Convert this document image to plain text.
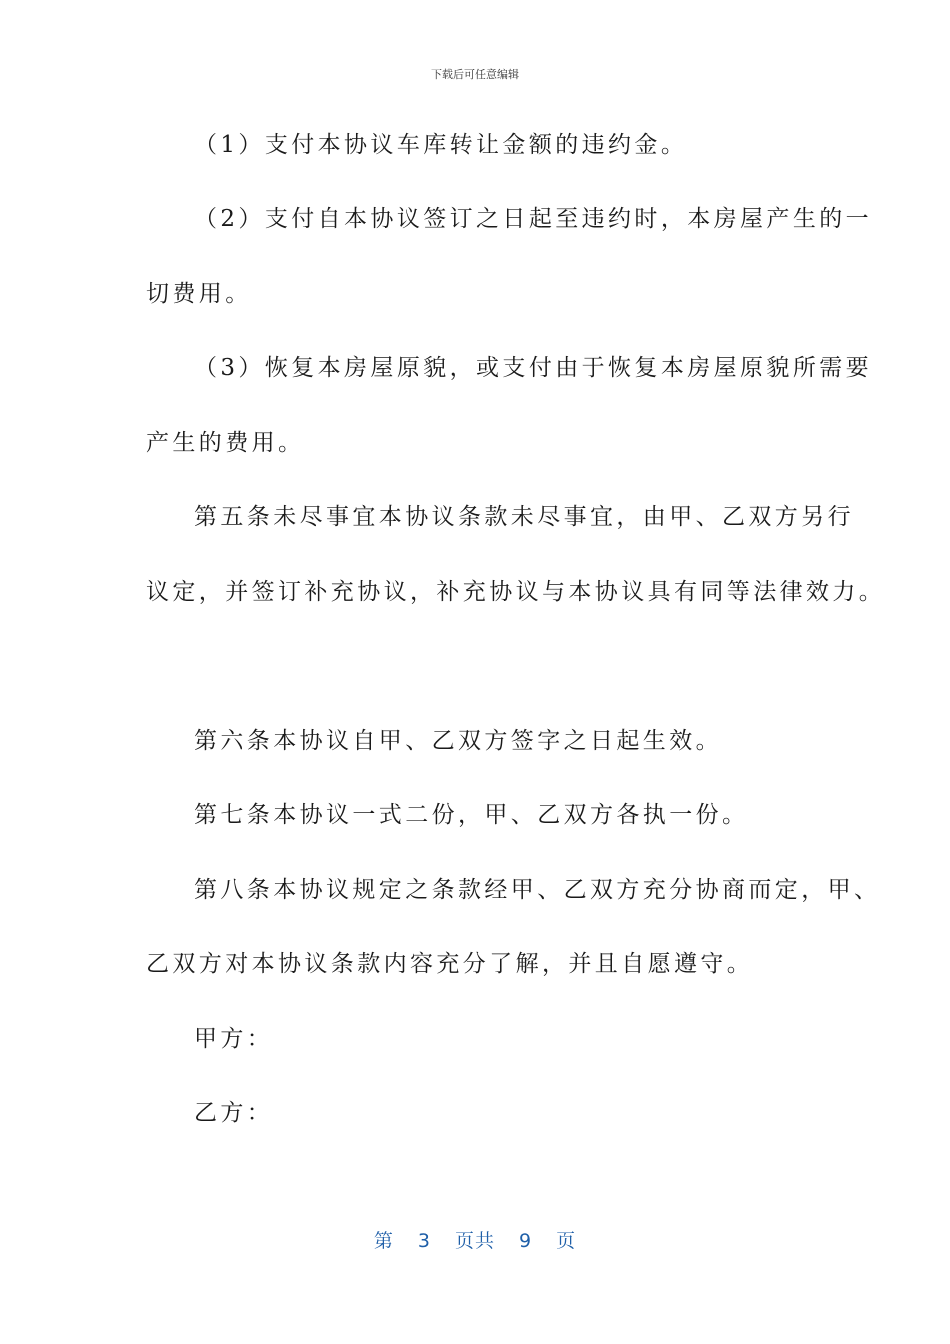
下载后可任意编辑
（1）支付本协议车库转让金额的违约金。
（2）支付自本协议签订之日起至违约时，本房屋产生的一
切费用。
（3）恢复本房屋原貌，或支付由于恢复本房屋原貌所需要
产生的费用。
第五条未尽事宜本协议条款未尽事宜，由甲、乙双方另行
议定，并签订补充协议，补充协议与本协议具有同等法律效力。
第六条本协议自甲、乙双方签字之日起生效。
第七条本协议一式二份，甲、乙双方各执一份。
第八条本协议规定之条款经甲、乙双方充分协商而定，甲、
乙双方对本协议条款内容充分了解，并且自愿遵守。
甲方：
乙方：
第 3 页共 9 页
